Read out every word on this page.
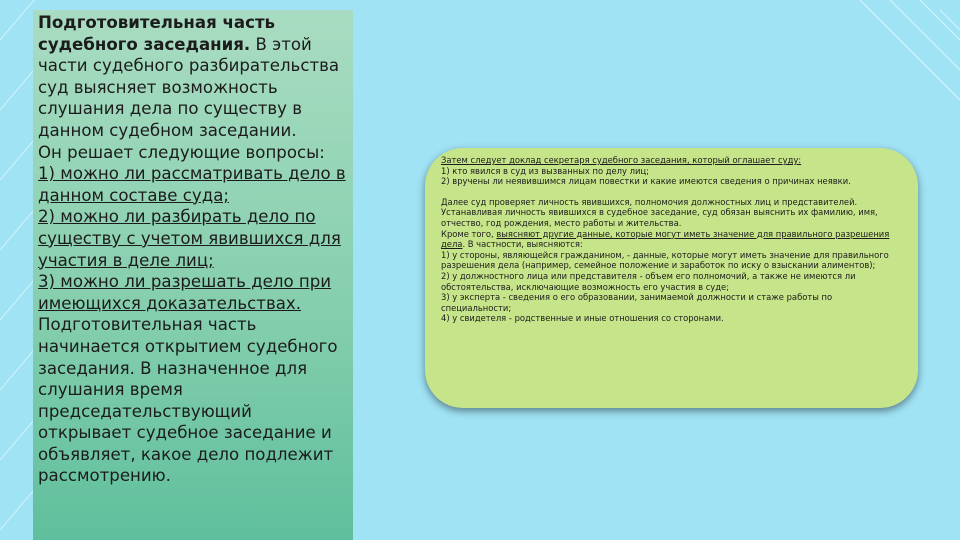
Подготовительная часть судебного заседания. В этой части судебного разбирательства суд выясняет возможность слушания дела по существу в данном судебном заседании.

Он решает следующие вопросы:

1) можно ли рассматривать дело в данном составе суда;

2) можно ли разбирать дело по существу с учетом явившихся для участия в деле лиц;

3) можно ли разрешать дело при имеющихся доказательствах.

Подготовительная часть начинается открытием судебного заседания. В назначенное для слушания время председательствующий открывает судебное заседание и объявляет, какое дело подлежит рассмотрению.

Затем следует доклад секретаря судебного заседания, который оглашает суду:

1) кто явился в суд из вызванных по делу лиц;

2) вручены ли неявившимся лицам повестки и какие имеются сведения о причинах неявки.

Далее суд проверяет личность явившихся, полномочия должностных лиц и представителей.

Устанавливая личность явившихся в судебное заседание, суд обязан выяснить их фамилию, имя, отчество, год рождения, место работы и жительства.

Кроме того, выясняют другие данные, которые могут иметь значение для правильного разрешения дела. В частности, выясняются:

1) у стороны, являющейся гражданином, - данные, которые могут иметь значение для правильного разрешения дела (например, семейное положение и заработок по иску о взыскании алиментов);

2) у должностного лица или представителя - объем его полномочий, а также не имеются ли обстоятельства, исключающие возможность его участия в суде;

3) у эксперта - сведения о его образовании, занимаемой должности и стаже работы по специальности;

4) у свидетеля - родственные и иные отношения со сторонами.
